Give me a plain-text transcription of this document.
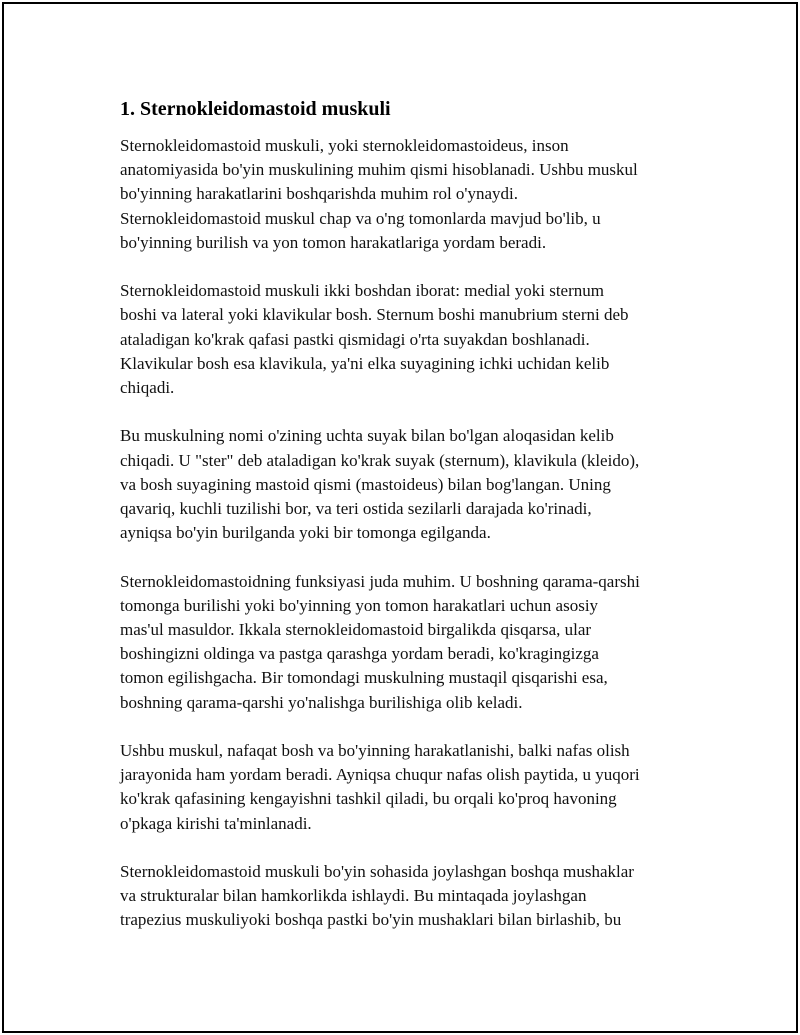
1. Sternokleidomastoid muskuli

Sternokleidomastoid muskuli, yoki sternokleidomastoideus, inson
anatomiyasida bo'yin muskulining muhim qismi hisoblanadi. Ushbu muskul
bo'yinning harakatlarini boshqarishda muhim rol o'ynaydi.
Sternokleidomastoid muskul chap va o'ng tomonlarda mavjud bo'lib, u
bo'yinning burilish va yon tomon harakatlariga yordam beradi.

Sternokleidomastoid muskuli ikki boshdan iborat: medial yoki sternum
boshi va lateral yoki klavikular bosh. Sternum boshi manubrium sterni deb
ataladigan ko'krak qafasi pastki qismidagi o'rta suyakdan boshlanadi.
Klavikular bosh esa klavikula, ya'ni elka suyagining ichki uchidan kelib
chiqadi.

Bu muskulning nomi o'zining uchta suyak bilan bo'lgan aloqasidan kelib
chiqadi. U "ster" deb ataladigan ko'krak suyak (sternum), klavikula (kleido),
va bosh suyagining mastoid qismi (mastoideus) bilan bog'langan. Uning
qavariq, kuchli tuzilishi bor, va teri ostida sezilarli darajada ko'rinadi,
ayniqsa bo'yin burilganda yoki bir tomonga egilganda.

Sternokleidomastoidning funksiyasi juda muhim. U boshning qarama-qarshi
tomonga burilishi yoki bo'yinning yon tomon harakatlari uchun asosiy
mas'ul masuldor. Ikkala sternokleidomastoid birgalikda qisqarsa, ular
boshingizni oldinga va pastga qarashga yordam beradi, ko'kragingizga
tomon egilishgacha. Bir tomondagi muskulning mustaqil qisqarishi esa,
boshning qarama-qarshi yo'nalishga burilishiga olib keladi.

Ushbu muskul, nafaqat bosh va bo'yinning harakatlanishi, balki nafas olish
jarayonida ham yordam beradi. Ayniqsa chuqur nafas olish paytida, u yuqori
ko'krak qafasining kengayishni tashkil qiladi, bu orqali ko'proq havoning
o'pkaga kirishi ta'minlanadi.

Sternokleidomastoid muskuli bo'yin sohasida joylashgan boshqa mushaklar
va strukturalar bilan hamkorlikda ishlaydi. Bu mintaqada joylashgan
trapezius muskuliyoki boshqa pastki bo'yin mushaklari bilan birlashib, bu
